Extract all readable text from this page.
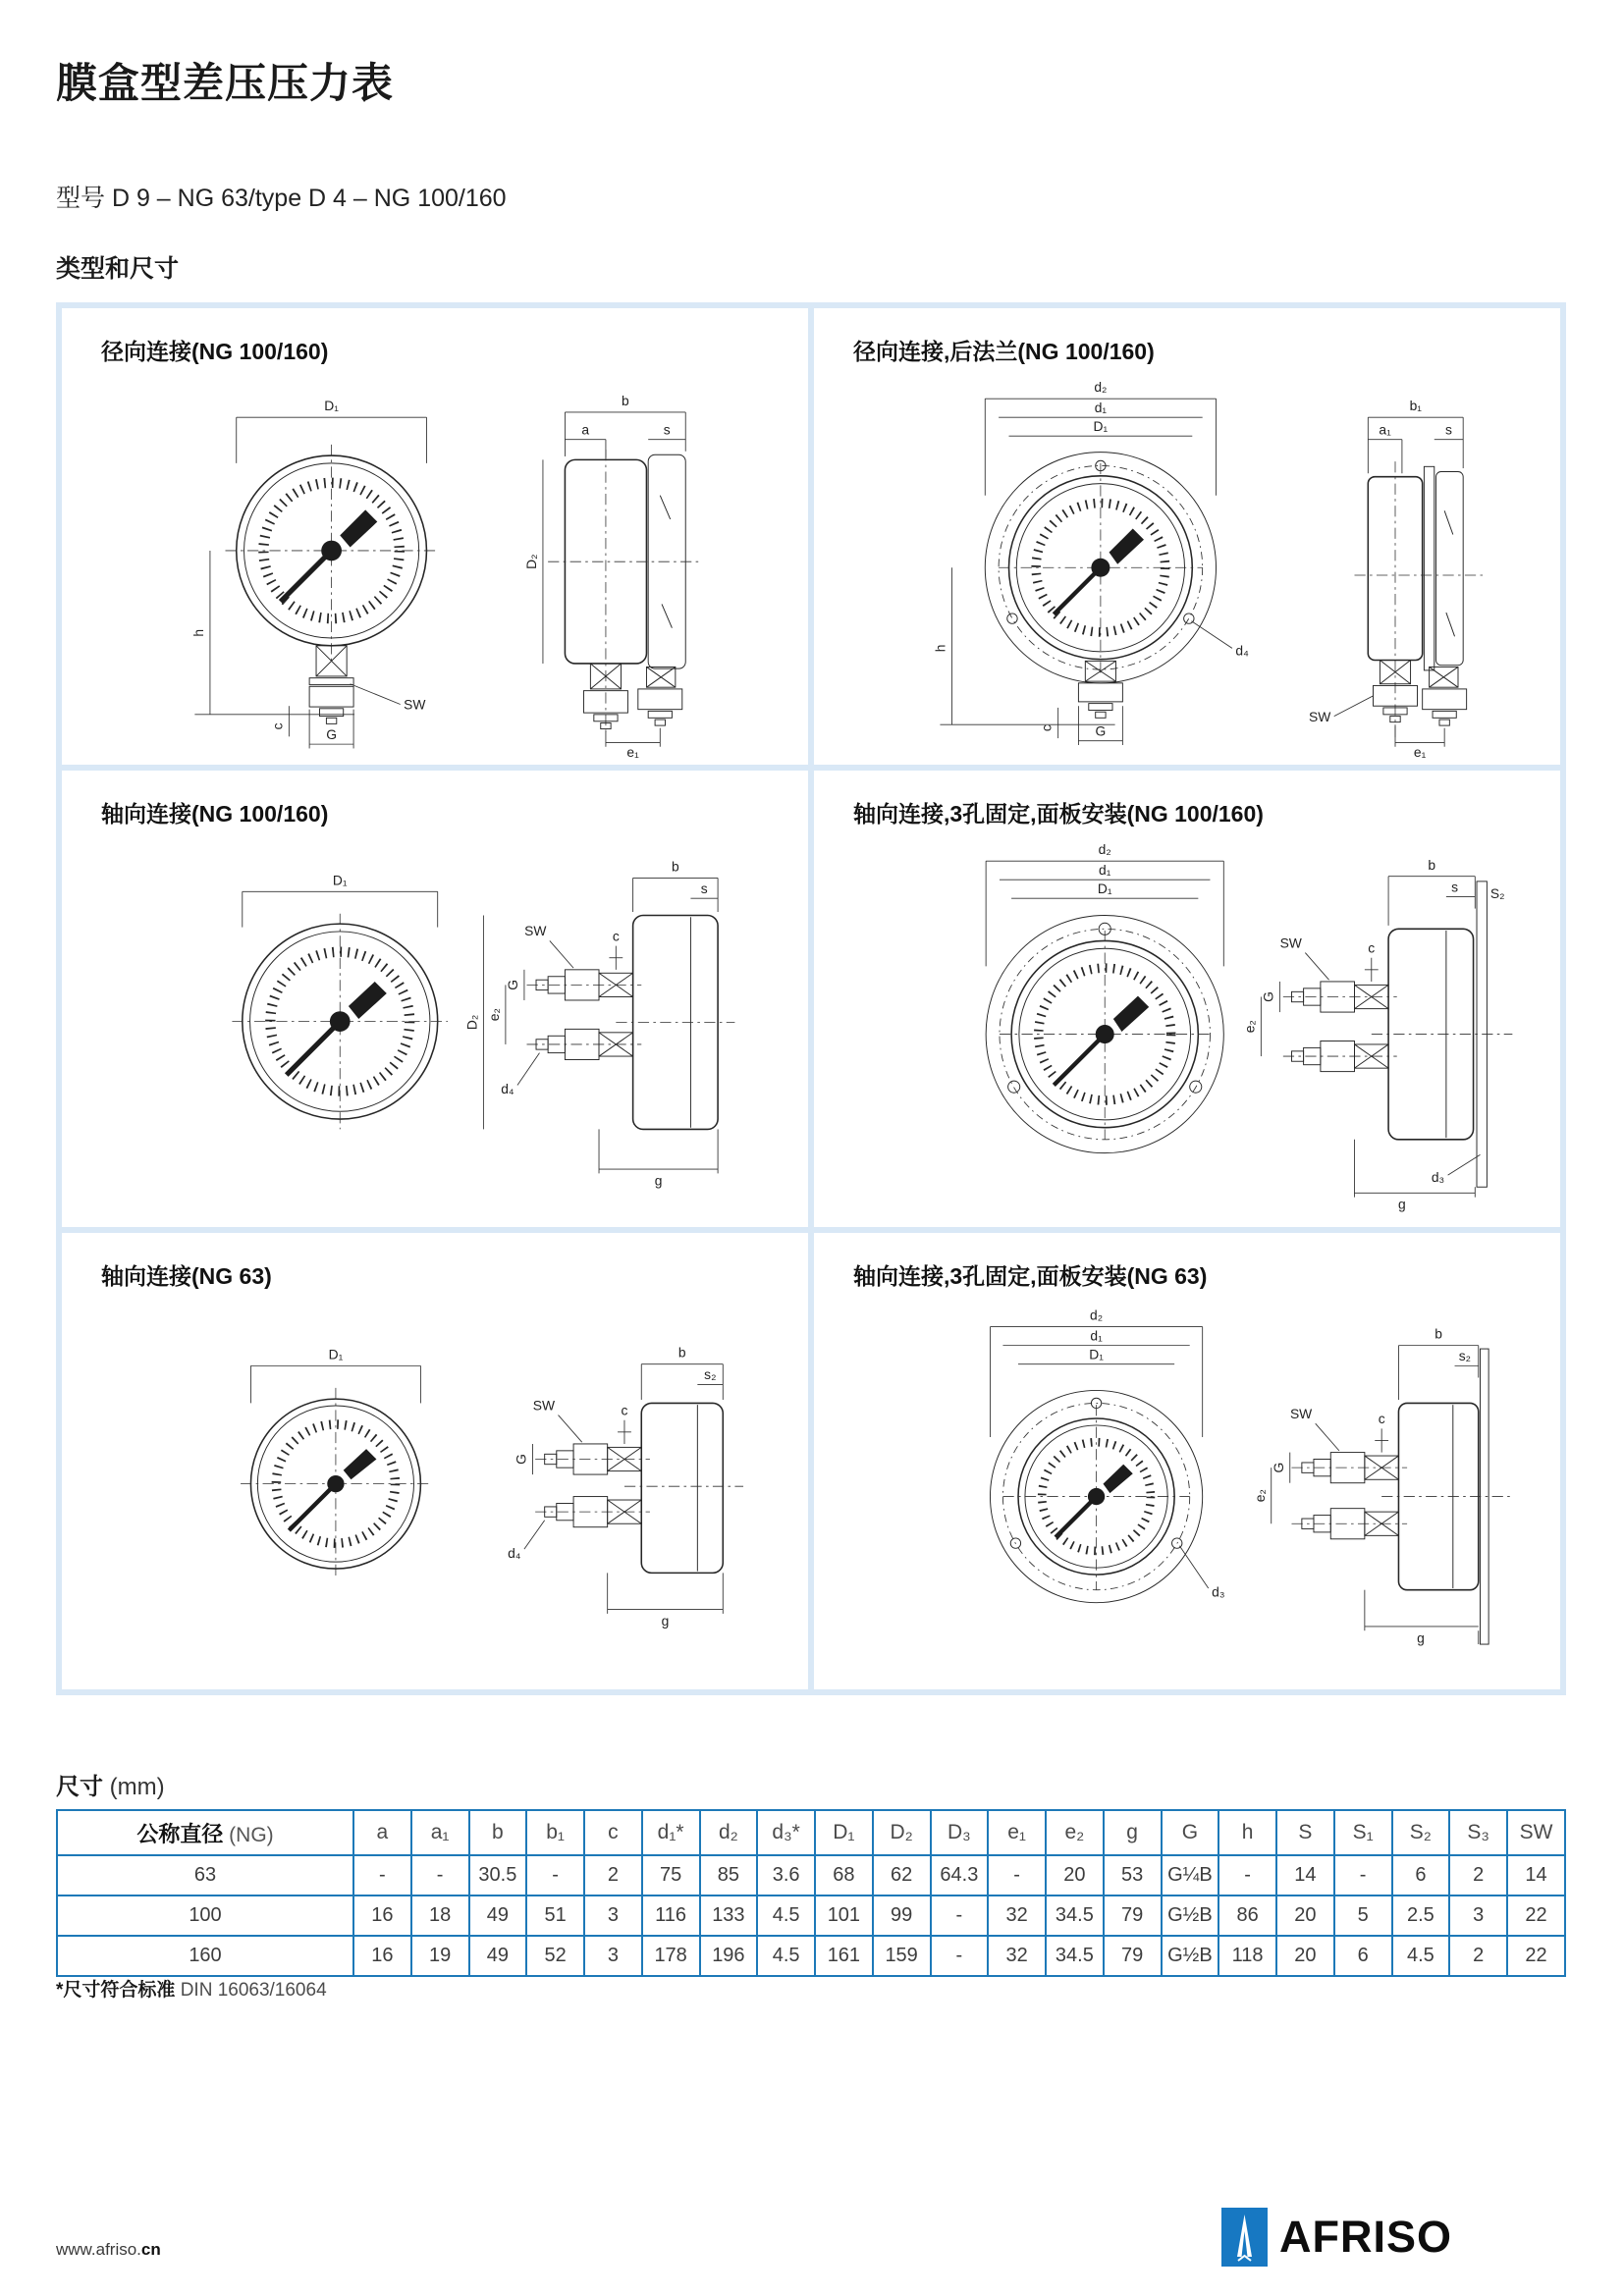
膜盒型差压压力表
型号 D 9 – NG 63/type D 4 – NG 100/160
类型和尺寸
径向连接(NG 100/160)
D₁
SW
h
c	G
b
a	s
D₂
e₁
径向连接,后法兰(NG 100/160)
d₂
d₁
D₁
h
c	G
d₄
b₁
a₁	s
SW
e₁
轴向连接(NG 100/160)
D₁
b
s
SW	c
G
e₂
D₂
d₄
g
轴向连接,3孔固定,面板安装(NG 100/160)
d₂
d₁
D₁
b
s S₂
SW	c
G
e₂
d₃
g
轴向连接(NG 63)
D₁	b
s₂
SW	c
G
d₄
g
轴向连接,3孔固定,面板安装(NG 63)
d₂
d₁
D₁
d₃
b
s₂
SW	c
G
e₂
g
尺寸 (mm)
公称直径 (NG)	a	a₁	b	b₁	c	d₁*	d₂	d₃*	D₁	D₂	D₃	e₁	e₂	g	G	h	S	S₁	S₂	S₃	SW
63	-	-	30.5	-	2	75	85	3.6	68	62	64.3	-	20	53	G¼B	-	14	-	6	2	14
100	16	18	49	51	3	116	133	4.5	101	99	-	32	34.5	79	G½B	86	20	5	2.5	3	22
160	16	19	49	52	3	178	196	4.5	161	159	-	32	34.5	79	G½B	118	20	6	4.5	2	22
*尺寸符合标准 DIN 16063/16064
www.afriso.cn	AFRISO
